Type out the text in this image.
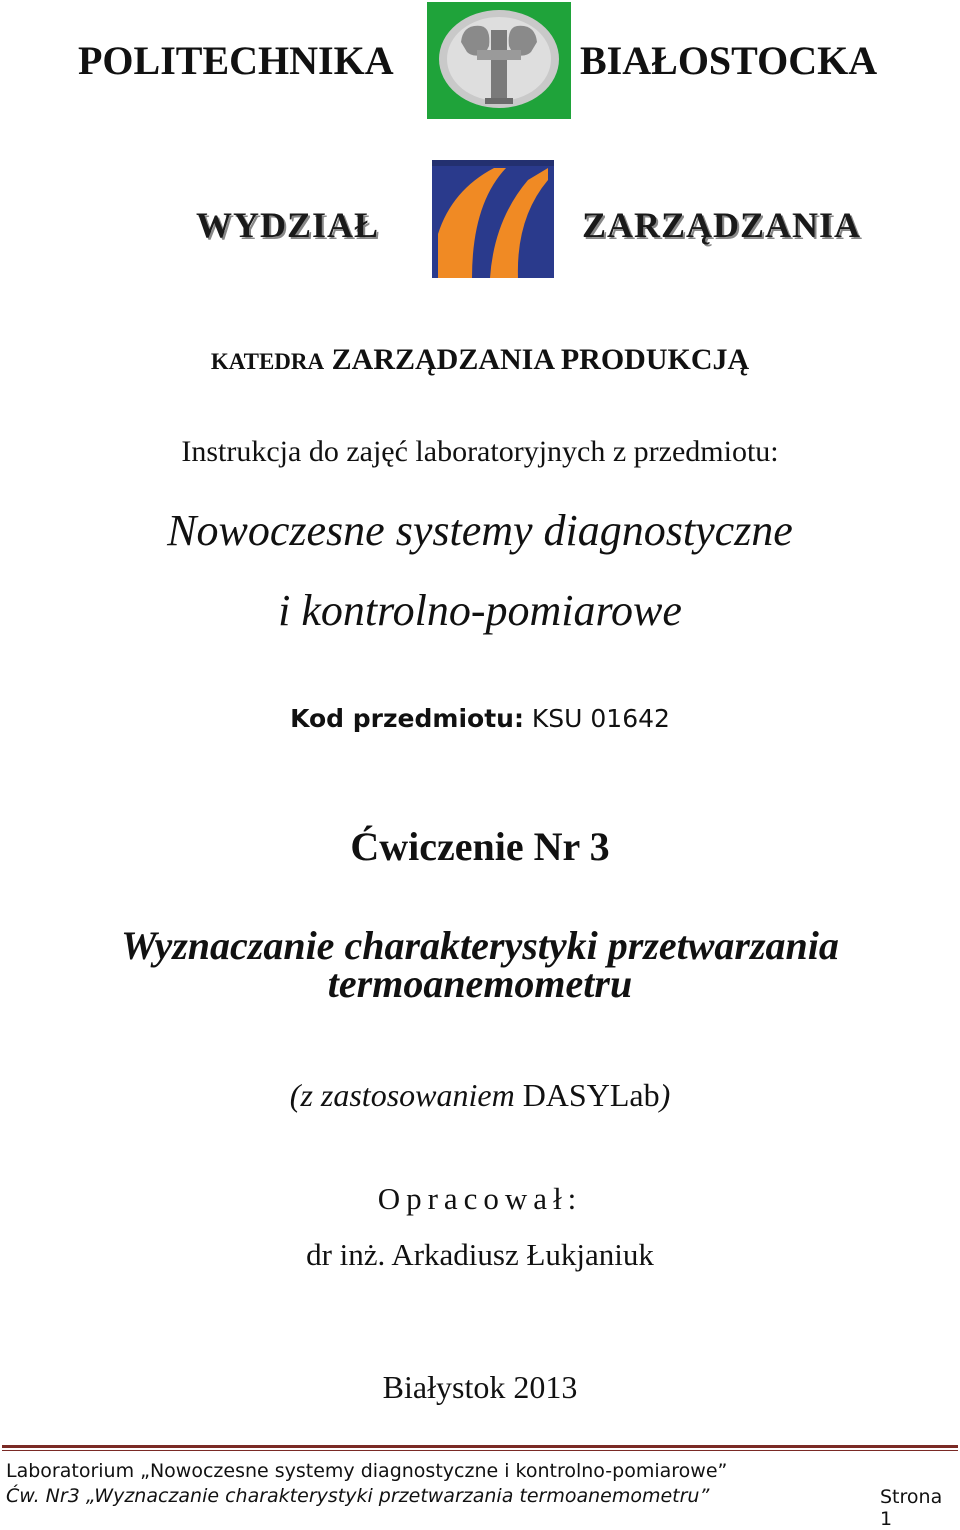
POLITECHNIKA	BIAŁOSTOCKA
WYDZIAŁ	ZARZĄDZANIA
KATEDRA ZARZĄDZANIA PRODUKCJĄ
Instrukcja do zajęć laboratoryjnych z przedmiotu:
Nowoczesne systemy diagnostyczne
i kontrolno-pomiarowe
Kod przedmiotu: KSU 01642
Ćwiczenie Nr 3
Wyznaczanie charakterystyki przetwarzania
termoanemometru
(z zastosowaniem DASYLab)
Opracował:
dr inż. Arkadiusz Łukjaniuk
Białystok 2013
Laboratorium „Nowoczesne systemy diagnostyczne i kontrolno-pomiarowe”
Ćw. Nr3 „Wyznaczanie charakterystyki przetwarzania termoanemometru”	Strona 1
